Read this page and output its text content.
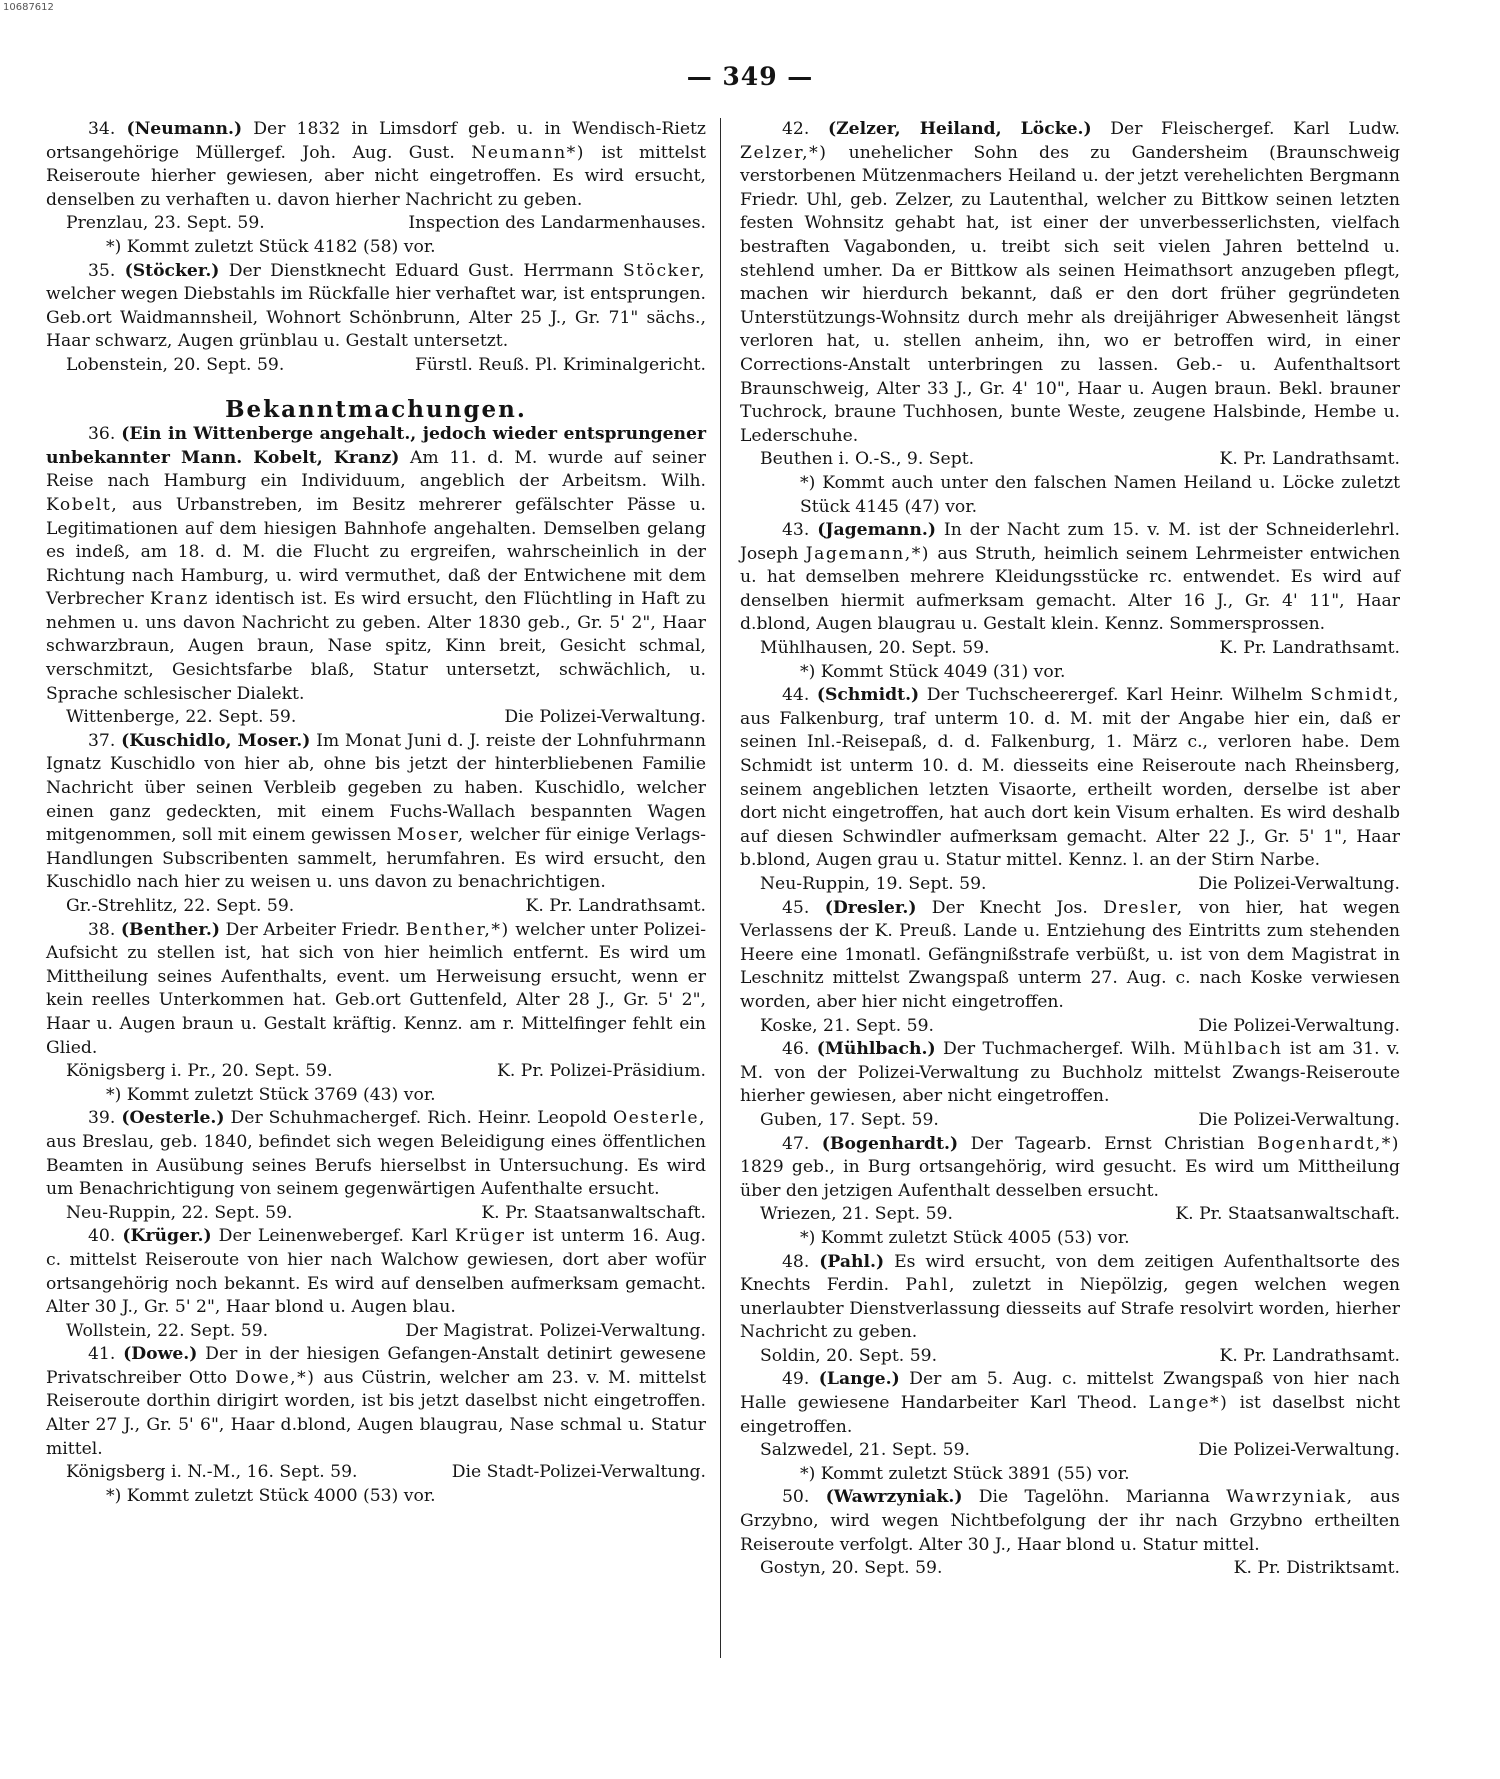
10687612
— 349 —

34. (Neumann.) Der 1832 in Limsdorf geb. u. in Wendisch-Rietz ortsangehörige Müllergef. Joh. Aug. Gust. Neumann*) ist mittelst Reiseroute hierher gewiesen, aber nicht eingetroffen. Es wird ersucht, denselben zu verhaften u. davon hierher Nachricht zu geben.

Prenzlau, 23. Sept. 59.	Inspection des Landarmenhauses.
*) Kommt zuletzt Stück 4182 (58) vor.

35. (Stöcker.) Der Dienstknecht Eduard Gust. Herrmann Stöcker, welcher wegen Diebstahls im Rückfalle hier verhaftet war, ist entsprungen. Geb.ort Waidmannsheil, Wohnort Schönbrunn, Alter 25 J., Gr. 71" sächs., Haar schwarz, Augen grünblau u. Gestalt untersetzt.

Lobenstein, 20. Sept. 59.	Fürstl. Reuß. Pl. Kriminalgericht.
Bekanntmachungen.

36. (Ein in Wittenberge angehalt., jedoch wieder entsprungener unbekannter Mann. Kobelt, Kranz) Am 11. d. M. wurde auf seiner Reise nach Hamburg ein Individuum, angeblich der Arbeitsm. Wilh. Kobelt, aus Urbanstreben, im Besitz mehrerer gefälschter Pässe u. Legitimationen auf dem hiesigen Bahnhofe angehalten. Demselben gelang es indeß, am 18. d. M. die Flucht zu ergreifen, wahrscheinlich in der Richtung nach Hamburg, u. wird vermuthet, daß der Entwichene mit dem Verbrecher Kranz identisch ist. Es wird ersucht, den Flüchtling in Haft zu nehmen u. uns davon Nachricht zu geben. Alter 1830 geb., Gr. 5' 2", Haar schwarzbraun, Augen braun, Nase spitz, Kinn breit, Gesicht schmal, verschmitzt, Gesichtsfarbe blaß, Statur untersetzt, schwächlich, u. Sprache schlesischer Dialekt.

Wittenberge, 22. Sept. 59.	Die Polizei-Verwaltung.

37. (Kuschidlo, Moser.) Im Monat Juni d. J. reiste der Lohnfuhrmann Ignatz Kuschidlo von hier ab, ohne bis jetzt der hinterbliebenen Familie Nachricht über seinen Verbleib gegeben zu haben. Kuschidlo, welcher einen ganz gedeckten, mit einem Fuchs-Wallach bespannten Wagen mitgenommen, soll mit einem gewissen Moser, welcher für einige Verlags-Handlungen Subscribenten sammelt, herumfahren. Es wird ersucht, den Kuschidlo nach hier zu weisen u. uns davon zu benachrichtigen.

Gr.-Strehlitz, 22. Sept. 59.	K. Pr. Landrathsamt.

38. (Benther.) Der Arbeiter Friedr. Benther,*) welcher unter Polizei-Aufsicht zu stellen ist, hat sich von hier heimlich entfernt. Es wird um Mittheilung seines Aufenthalts, event. um Herweisung ersucht, wenn er kein reelles Unterkommen hat. Geb.ort Guttenfeld, Alter 28 J., Gr. 5' 2", Haar u. Augen braun u. Gestalt kräftig. Kennz. am r. Mittelfinger fehlt ein Glied.

Königsberg i. Pr., 20. Sept. 59.	K. Pr. Polizei-Präsidium.
*) Kommt zuletzt Stück 3769 (43) vor.

39. (Oesterle.) Der Schuhmachergef. Rich. Heinr. Leopold Oesterle, aus Breslau, geb. 1840, befindet sich wegen Beleidigung eines öffentlichen Beamten in Ausübung seines Berufs hierselbst in Untersuchung. Es wird um Benachrichtigung von seinem gegenwärtigen Aufenthalte ersucht.

Neu-Ruppin, 22. Sept. 59.	K. Pr. Staatsanwaltschaft.

40. (Krüger.) Der Leinenwebergef. Karl Krüger ist unterm 16. Aug. c. mittelst Reiseroute von hier nach Walchow gewiesen, dort aber wofür ortsangehörig noch bekannt. Es wird auf denselben aufmerksam gemacht. Alter 30 J., Gr. 5' 2", Haar blond u. Augen blau.

Wollstein, 22. Sept. 59.	Der Magistrat. Polizei-Verwaltung.

41. (Dowe.) Der in der hiesigen Gefangen-Anstalt detinirt gewesene Privatschreiber Otto Dowe,*) aus Cüstrin, welcher am 23. v. M. mittelst Reiseroute dorthin dirigirt worden, ist bis jetzt daselbst nicht eingetroffen. Alter 27 J., Gr. 5' 6", Haar d.blond, Augen blaugrau, Nase schmal u. Statur mittel.

Königsberg i. N.-M., 16. Sept. 59.	Die Stadt-Polizei-Verwaltung.
*) Kommt zuletzt Stück 4000 (53) vor.

42. (Zelzer, Heiland, Löcke.) Der Fleischergef. Karl Ludw. Zelzer,*) unehelicher Sohn des zu Gandersheim (Braunschweig verstorbenen Mützenmachers Heiland u. der jetzt verehelichten Bergmann Friedr. Uhl, geb. Zelzer, zu Lautenthal, welcher zu Bittkow seinen letzten festen Wohnsitz gehabt hat, ist einer der unverbesserlichsten, vielfach bestraften Vagabonden, u. treibt sich seit vielen Jahren bettelnd u. stehlend umher. Da er Bittkow als seinen Heimathsort anzugeben pflegt, machen wir hierdurch bekannt, daß er den dort früher gegründeten Unterstützungs-Wohnsitz durch mehr als dreijähriger Abwesenheit längst verloren hat, u. stellen anheim, ihn, wo er betroffen wird, in einer Corrections-Anstalt unterbringen zu lassen. Geb.- u. Aufenthaltsort Braunschweig, Alter 33 J., Gr. 4' 10", Haar u. Augen braun. Bekl. brauner Tuchrock, braune Tuchhosen, bunte Weste, zeugene Halsbinde, Hembe u. Lederschuhe.

Beuthen i. O.-S., 9. Sept.	K. Pr. Landrathsamt.
*) Kommt auch unter den falschen Namen Heiland u. Löcke zuletzt Stück 4145 (47) vor.

43. (Jagemann.) In der Nacht zum 15. v. M. ist der Schneiderlehrl. Joseph Jagemann,*) aus Struth, heimlich seinem Lehrmeister entwichen u. hat demselben mehrere Kleidungsstücke rc. entwendet. Es wird auf denselben hiermit aufmerksam gemacht. Alter 16 J., Gr. 4' 11", Haar d.blond, Augen blaugrau u. Gestalt klein. Kennz. Sommersprossen.

Mühlhausen, 20. Sept. 59.	K. Pr. Landrathsamt.
*) Kommt Stück 4049 (31) vor.

44. (Schmidt.) Der Tuchscheerergef. Karl Heinr. Wilhelm Schmidt, aus Falkenburg, traf unterm 10. d. M. mit der Angabe hier ein, daß er seinen Inl.-Reisepaß, d. d. Falkenburg, 1. März c., verloren habe. Dem Schmidt ist unterm 10. d. M. diesseits eine Reiseroute nach Rheinsberg, seinem angeblichen letzten Visaorte, ertheilt worden, derselbe ist aber dort nicht eingetroffen, hat auch dort kein Visum erhalten. Es wird deshalb auf diesen Schwindler aufmerksam gemacht. Alter 22 J., Gr. 5' 1", Haar b.blond, Augen grau u. Statur mittel. Kennz. l. an der Stirn Narbe.

Neu-Ruppin, 19. Sept. 59.	Die Polizei-Verwaltung.

45. (Dresler.) Der Knecht Jos. Dresler, von hier, hat wegen Verlassens der K. Preuß. Lande u. Entziehung des Eintritts zum stehenden Heere eine 1monatl. Gefängnißstrafe verbüßt, u. ist von dem Magistrat in Leschnitz mittelst Zwangspaß unterm 27. Aug. c. nach Koske verwiesen worden, aber hier nicht eingetroffen.

Koske, 21. Sept. 59.	Die Polizei-Verwaltung.

46. (Mühlbach.) Der Tuchmachergef. Wilh. Mühlbach ist am 31. v. M. von der Polizei-Verwaltung zu Buchholz mittelst Zwangs-Reiseroute hierher gewiesen, aber nicht eingetroffen.

Guben, 17. Sept. 59.	Die Polizei-Verwaltung.

47. (Bogenhardt.) Der Tagearb. Ernst Christian Bogenhardt,*) 1829 geb., in Burg ortsangehörig, wird gesucht. Es wird um Mittheilung über den jetzigen Aufenthalt desselben ersucht.

Wriezen, 21. Sept. 59.	K. Pr. Staatsanwaltschaft.
*) Kommt zuletzt Stück 4005 (53) vor.

48. (Pahl.) Es wird ersucht, von dem zeitigen Aufenthaltsorte des Knechts Ferdin. Pahl, zuletzt in Niepölzig, gegen welchen wegen unerlaubter Dienstverlassung diesseits auf Strafe resolvirt worden, hierher Nachricht zu geben.

Soldin, 20. Sept. 59.	K. Pr. Landrathsamt.

49. (Lange.) Der am 5. Aug. c. mittelst Zwangspaß von hier nach Halle gewiesene Handarbeiter Karl Theod. Lange*) ist daselbst nicht eingetroffen.

Salzwedel, 21. Sept. 59.	Die Polizei-Verwaltung.
*) Kommt zuletzt Stück 3891 (55) vor.

50. (Wawrzyniak.) Die Tagelöhn. Marianna Wawrzyniak, aus Grzybno, wird wegen Nichtbefolgung der ihr nach Grzybno ertheilten Reiseroute verfolgt. Alter 30 J., Haar blond u. Statur mittel.

Gostyn, 20. Sept. 59.	K. Pr. Distriktsamt.
